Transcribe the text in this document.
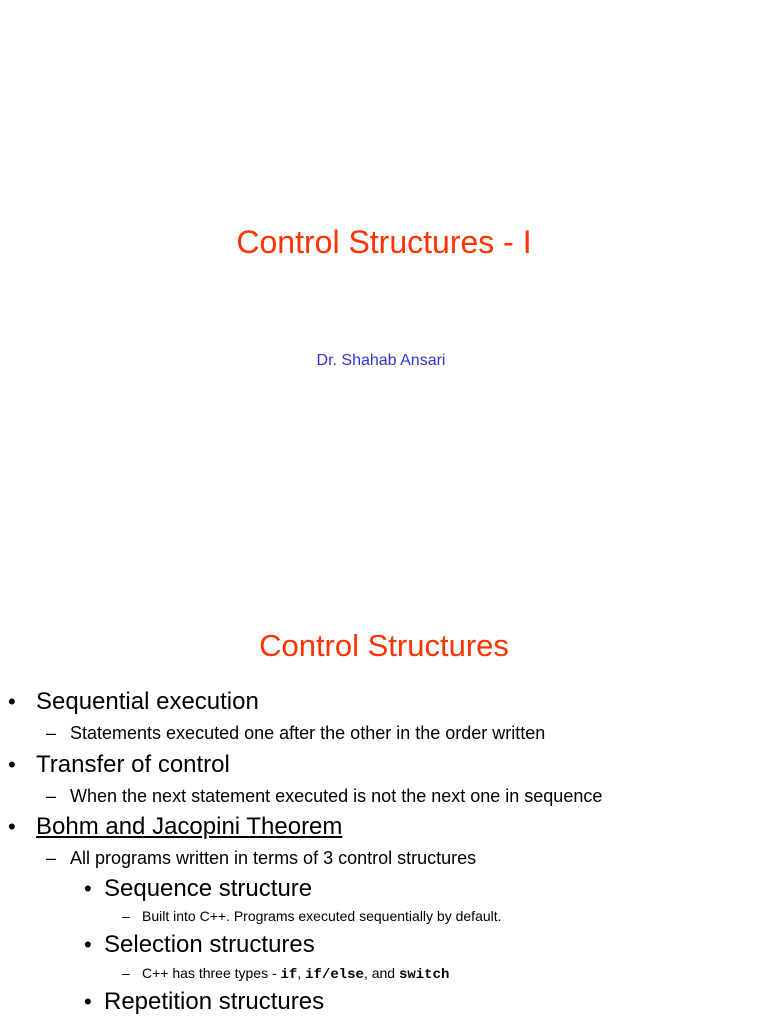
Control Structures - I
Dr. Shahab Ansari
Control Structures
• Sequential execution
– Statements executed one after the other in the order written
• Transfer of control
– When the next statement executed is not the next one in sequence
• Bohm and Jacopini Theorem
– All programs written in terms of 3 control structures
• Sequence structure
– Built into C++. Programs executed sequentially by default.
• Selection structures
– C++ has three types - if, if/else, and switch
• Repetition structures
